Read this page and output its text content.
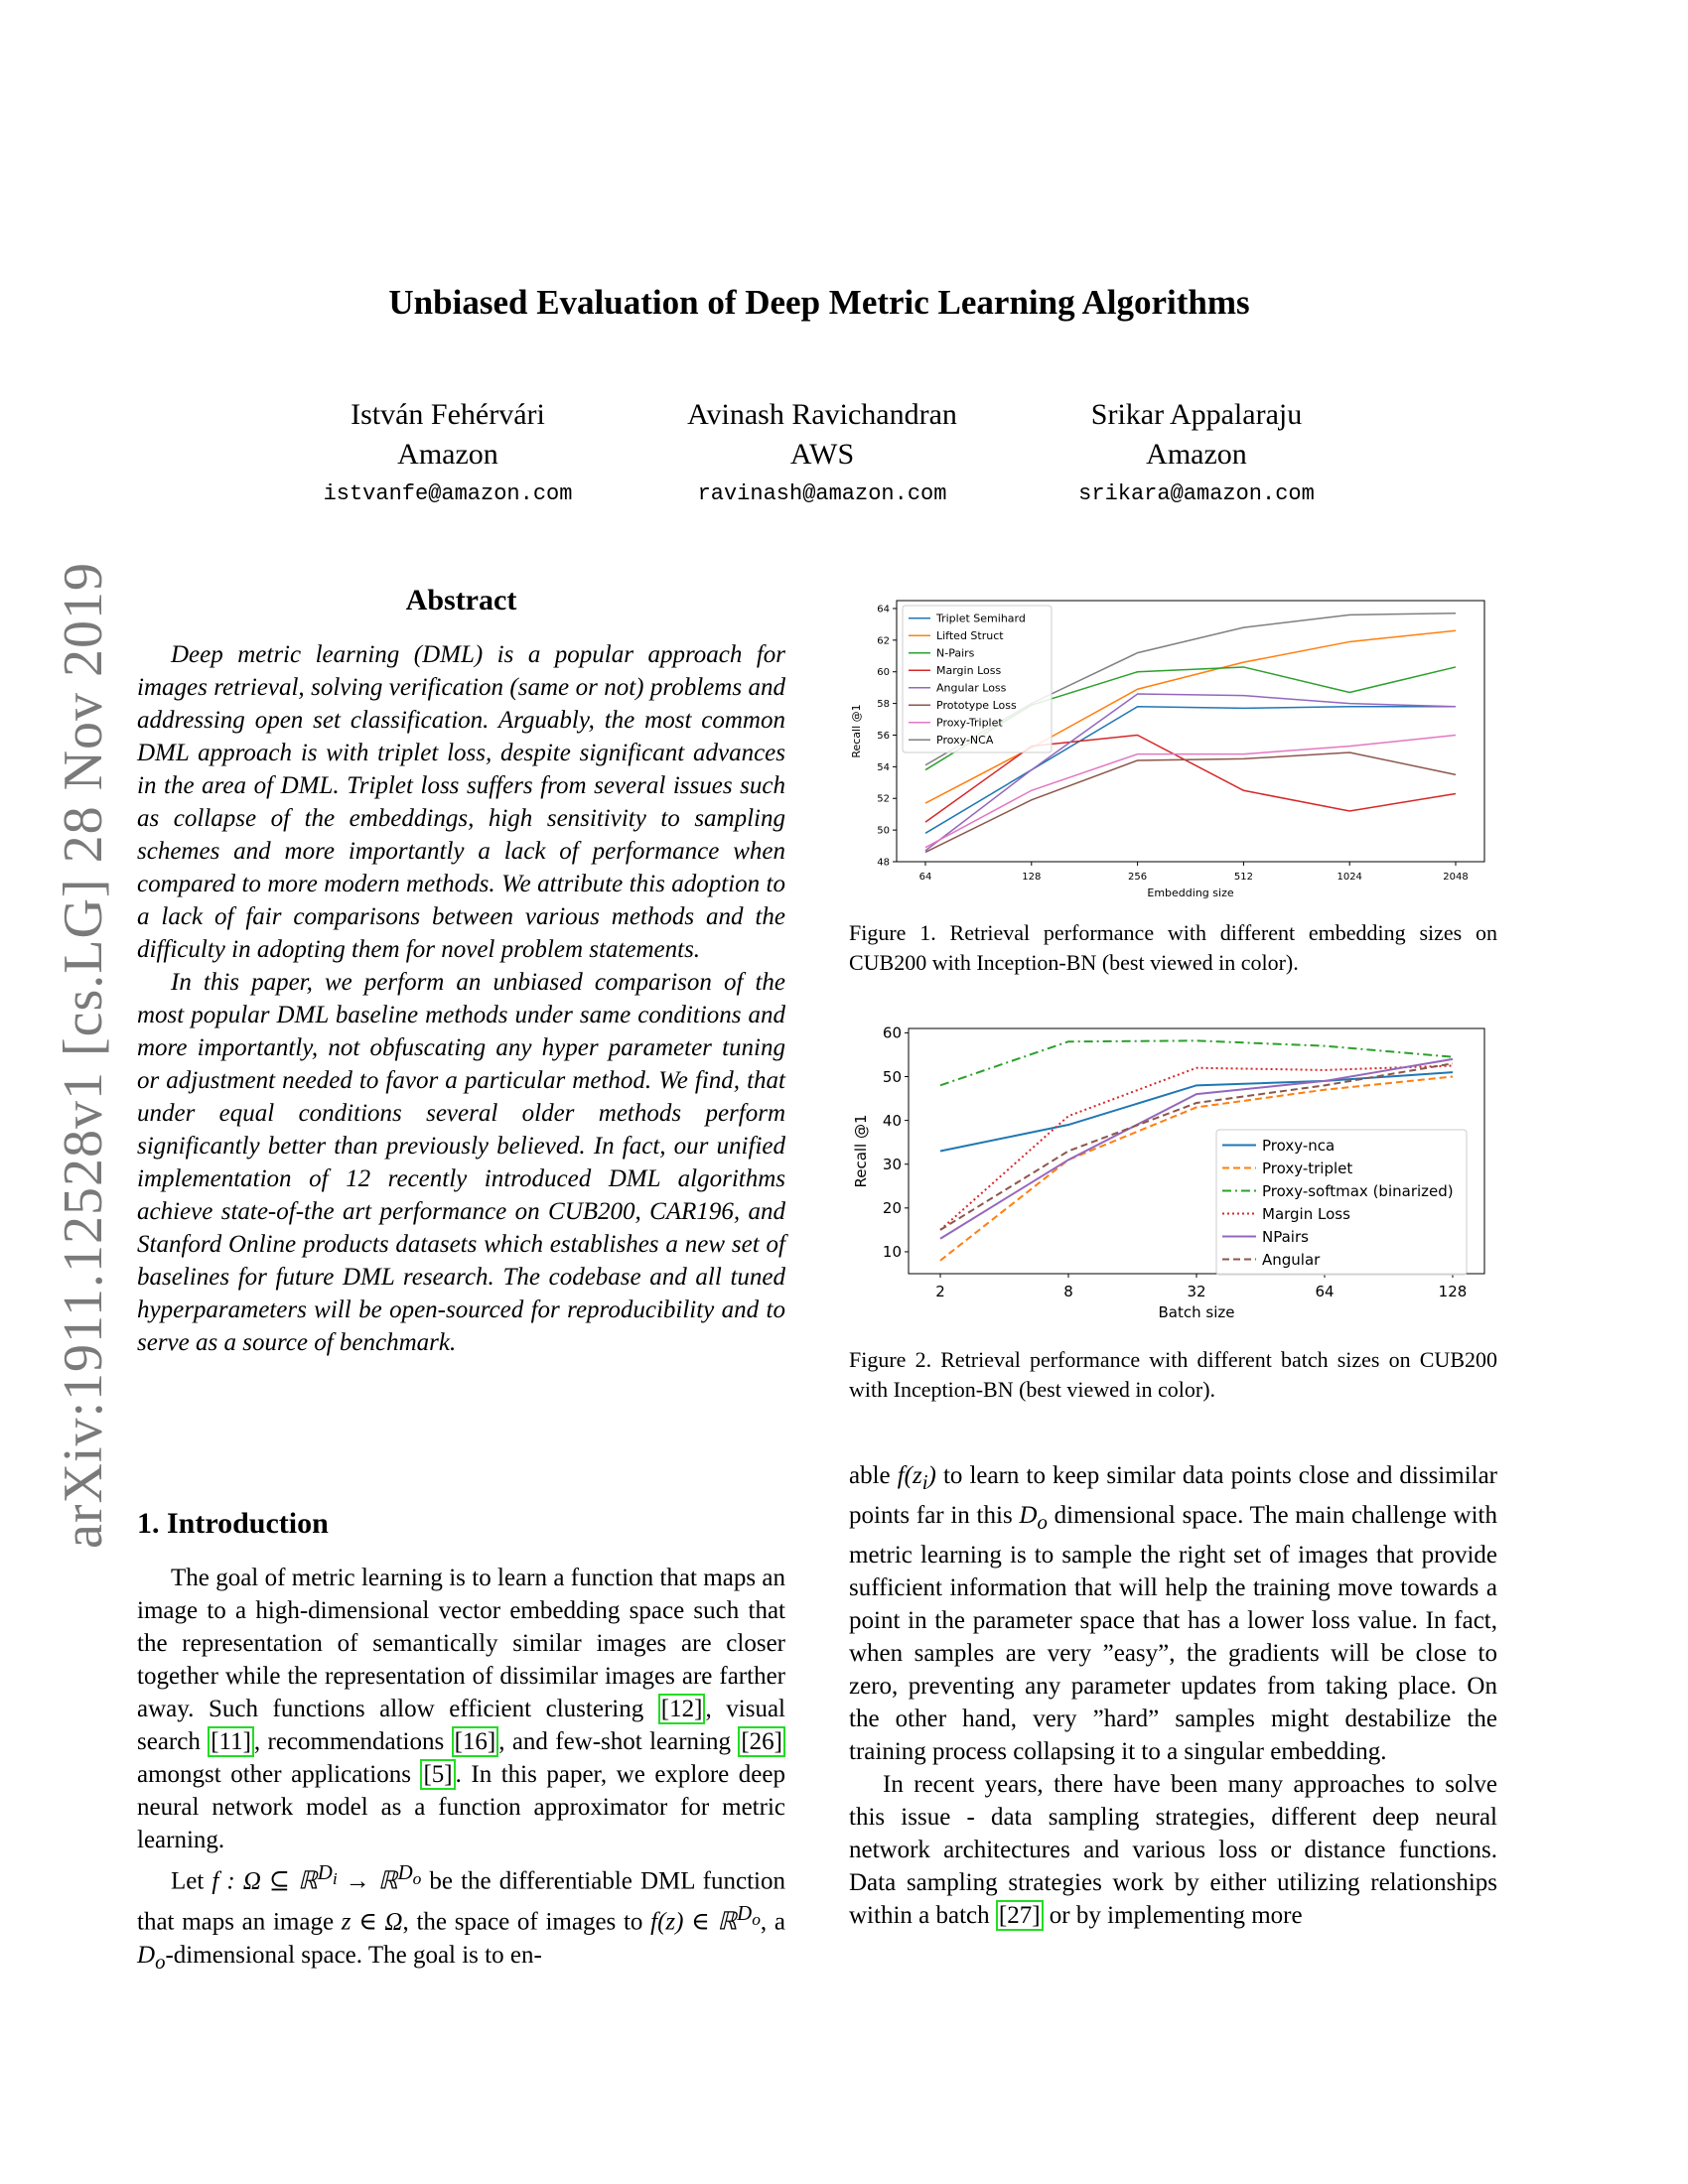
arXiv:1911.12528v1 [cs.LG] 28 Nov 2019
Unbiased Evaluation of Deep Metric Learning Algorithms
István Fehérvári
Amazon
istvanfe@amazon.com
Avinash Ravichandran
AWS
ravinash@amazon.com
Srikar Appalaraju
Amazon
srikara@amazon.com
Abstract

Deep metric learning (DML) is a popular approach for images retrieval, solving verification (same or not) problems and addressing open set classification. Arguably, the most common DML approach is with triplet loss, despite significant advances in the area of DML. Triplet loss suffers from several issues such as collapse of the embeddings, high sensitivity to sampling schemes and more importantly a lack of performance when compared to more modern methods. We attribute this adoption to a lack of fair comparisons between various methods and the difficulty in adopting them for novel problem statements.

In this paper, we perform an unbiased comparison of the most popular DML baseline methods under same conditions and more importantly, not obfuscating any hyper parameter tuning or adjustment needed to favor a particular method. We find, that under equal conditions several older methods perform significantly better than previously believed. In fact, our unified implementation of 12 recently introduced DML algorithms achieve state-of-the art performance on CUB200, CAR196, and Stanford Online products datasets which establishes a new set of baselines for future DML research. The codebase and all tuned hyperparameters will be open-sourced for reproducibility and to serve as a source of benchmark.

1. Introduction

The goal of metric learning is to learn a function that maps an image to a high-dimensional vector embedding space such that the representation of semantically similar images are closer together while the representation of dissimilar images are farther away. Such functions allow efficient clustering [12] , visual search [11] , recommendations [16] , and few-shot learning [26] amongst other applications [5] . In this paper, we explore deep neural network model as a function approximator for metric learning.

Let f : Ω ⊆ ℝ$^{D_i}$ → ℝ$^{D_o}$ be the differentiable DML function that maps an image z ∈ Ω, the space of images to f(z) ∈ ℝ$^{D_o}$, a $D_o$-dimensional space. The goal is to en-

48
50
52
54
56
58
60
62
64
64	128	256	512	1024	2048
Embedding size
Recall @1
Triplet Semihard
Lifted Struct
N-Pairs
Margin Loss
Angular Loss
Prototype Loss
Proxy-Triplet
Proxy-NCA
Figure 1. Retrieval performance with different embedding sizes on CUB200 with Inception-BN (best viewed in color).
10
20
30
40
50
60
2	8	32	64	128
Batch size
Recall @1	Proxy-nca
Proxy-triplet
Proxy-softmax (binarized)
Margin Loss
NPairs
Angular
Figure 2. Retrieval performance with different batch sizes on CUB200 with Inception-BN (best viewed in color).

able $f(z_i)$ to learn to keep similar data points close and dissimilar points far in this $D_o$ dimensional space. The main challenge with metric learning is to sample the right set of images that provide sufficient information that will help the training move towards a point in the parameter space that has a lower loss value. In fact, when samples are very ”easy”, the gradients will be close to zero, preventing any parameter updates from taking place. On the other hand, very ”hard” samples might destabilize the training process collapsing it to a singular embedding.

In recent years, there have been many approaches to solve this issue - data sampling strategies, different deep neural network architectures and various loss or distance functions. Data sampling strategies work by either utilizing relationships within a batch [27] or by implementing more
